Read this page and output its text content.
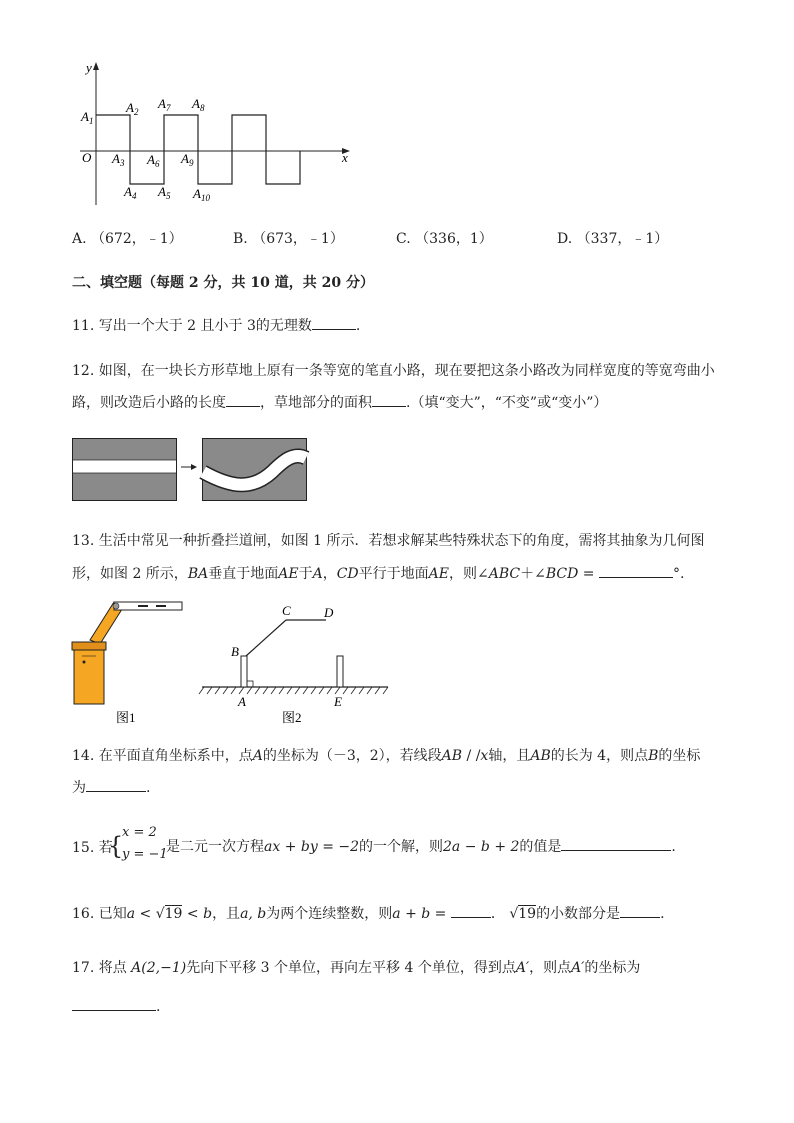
y
x
O
$A_1$
$A_2$
$A_3$
$A_4$ $A_5$
$A_6$
$A_7$ $A_8$
$A_9$
$A_{10}$
A. （672，﹣1）	B. （673，﹣1）	C. （336，1）	D. （337，﹣1）
二、填空题（每题 2 分，共 10 道，共 20 分）
11. 写出一个大于 2 且小于 3的无理数	.
12. 如图，在一块长方形草地上原有一条等宽的笔直小路，现在要把这条小路改为同样宽度的等宽弯曲小
路，则改造后小路的长度 ，草地部分的面积 .（填“变大”，“不变”或“变小”）
13. 生活中常见一种折叠拦道闸，如图 1 所示．若想求解某些特殊状态下的角度，需将其抽象为几何图
形，如图 2 所示，BA垂直于地面AE于A，CD平行于地面AE，则∠ABC＋∠BCD =	°.
图1
B
C	D
A	E
图2
14. 在平面直角坐标系中，点A的坐标为（－3，2），若线段AB / /x轴，且AB的长为 4，则点B的坐标
为	.
15. 若
{
x = 2
y = −1
是二元一次方程ax + by = −2的一个解，则2a − b + 2的值是	.
16. 已知a < √19 < b，且a, b为两个连续整数，则a + b =	． √19的小数部分是	.
17. 将点 A(2,−1)先向下平移 3 个单位，再向左平移 4 个单位，得到点A′，则点A′的坐标为
.
